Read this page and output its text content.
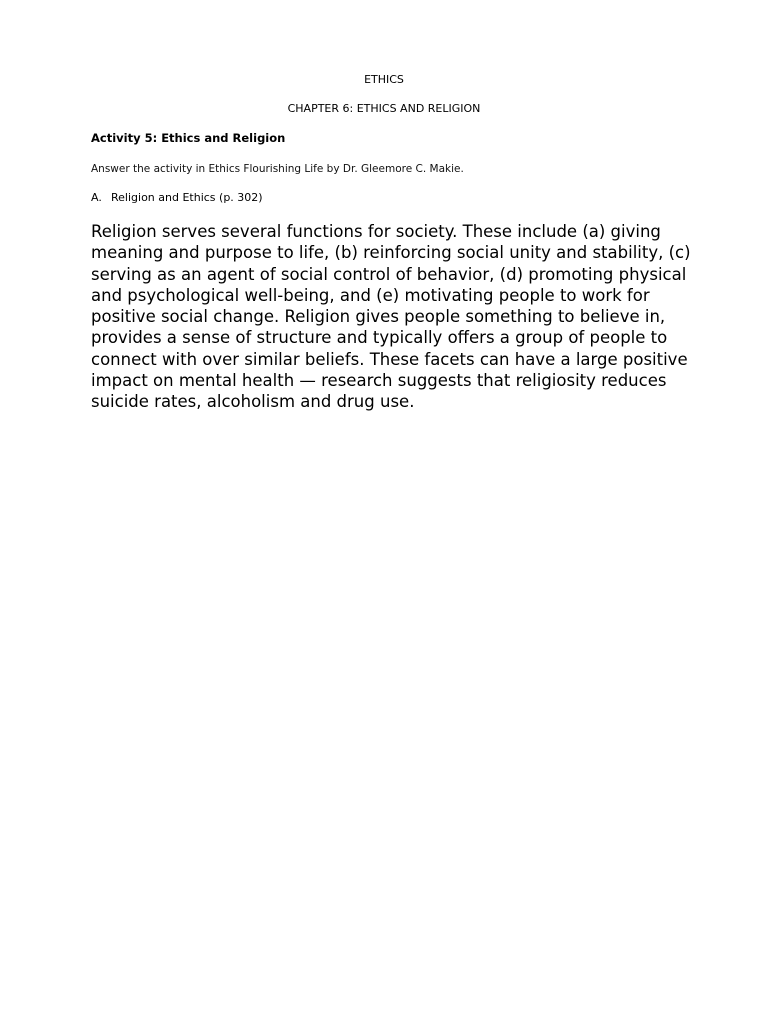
ETHICS
CHAPTER 6: ETHICS AND RELIGION
Activity 5: Ethics and Religion
Answer the activity in Ethics Flourishing Life by Dr. Gleemore C. Makie.
A. Religion and Ethics (p. 302)

Religion serves several functions for society. These include (a) giving meaning and purpose to life, (b) reinforcing social unity and stability, (c) serving as an agent of social control of behavior, (d) promoting physical and psychological well-being, and (e) motivating people to work for positive social change. Religion gives people something to believe in, provides a sense of structure and typically offers a group of people to connect with over similar beliefs. These facets can have a large positive impact on mental health — research suggests that religiosity reduces suicide rates, alcoholism and drug use.
